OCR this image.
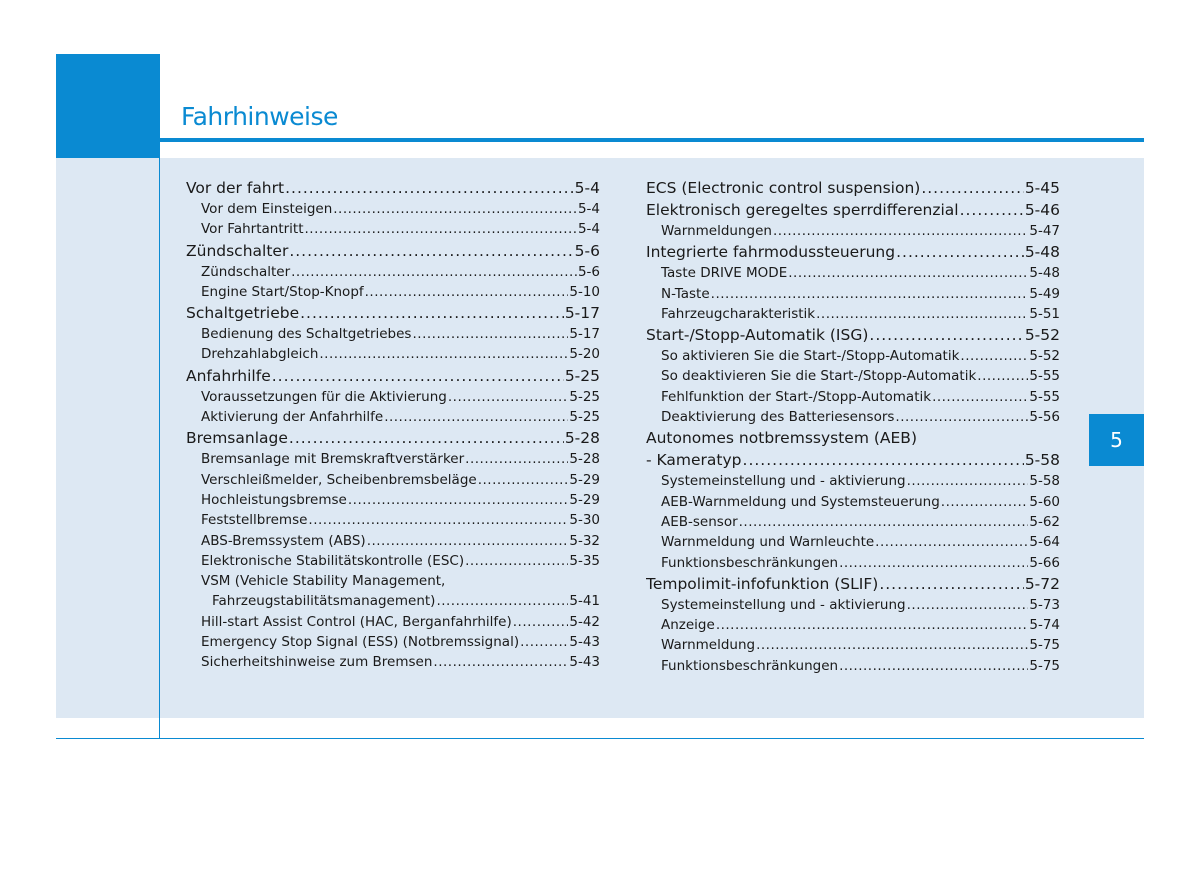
Fahrhinweise
5
Vor der fahrt .....	5-4
Vor dem Einsteigen .....	5-4
Vor Fahrtantritt .....	5-4
Zündschalter .....	5-6
Zündschalter .....	5-6
Engine Start/Stop-Knopf .....	5-10
Schaltgetriebe .....	5-17
Bedienung des Schaltgetriebes .....	5-17
Drehzahlabgleich .....	5-20
Anfahrhilfe .....	5-25
Voraussetzungen für die Aktivierung .....	5-25
Aktivierung der Anfahrhilfe .....	5-25
Bremsanlage .....	5-28
Bremsanlage mit Bremskraftverstärker .....	5-28
Verschleißmelder, Scheibenbremsbeläge .....	5-29
Hochleistungsbremse .....	5-29
Feststellbremse .....	5-30
ABS-Bremssystem (ABS) .....	5-32
Elektronische Stabilitätskontrolle (ESC) .....	5-35
VSM (Vehicle Stability Management,
Fahrzeugstabilitätsmanagement) .....	5-41
Hill-start Assist Control (HAC, Berganfahrhilfe) .....	5-42
Emergency Stop Signal (ESS) (Notbremssignal) .....	5-43
Sicherheitshinweise zum Bremsen .....	5-43
ECS (Electronic control suspension) .....	5-45
Elektronisch geregeltes sperrdifferenzial .....	5-46
Warnmeldungen .....	5-47
Integrierte fahrmodussteuerung .....	5-48
Taste DRIVE MODE .....	5-48
N-Taste .....	5-49
Fahrzeugcharakteristik .....	5-51
Start-/Stopp-Automatik (ISG) .....	5-52
So aktivieren Sie die Start-/Stopp-Automatik .....	5-52
So deaktivieren Sie die Start-/Stopp-Automatik .....	5-55
Fehlfunktion der Start-/Stopp-Automatik .....	5-55
Deaktivierung des Batteriesensors .....	5-56
Autonomes notbremssystem (AEB)
- Kameratyp .....	5-58
Systemeinstellung und - aktivierung .....	5-58
AEB-Warnmeldung und Systemsteuerung .....	5-60
AEB-sensor .....	5-62
Warnmeldung und Warnleuchte .....	5-64
Funktionsbeschränkungen .....	5-66
Tempolimit-infofunktion (SLIF) .....	5-72
Systemeinstellung und - aktivierung .....	5-73
Anzeige .....	5-74
Warnmeldung .....	5-75
Funktionsbeschränkungen .....	5-75
